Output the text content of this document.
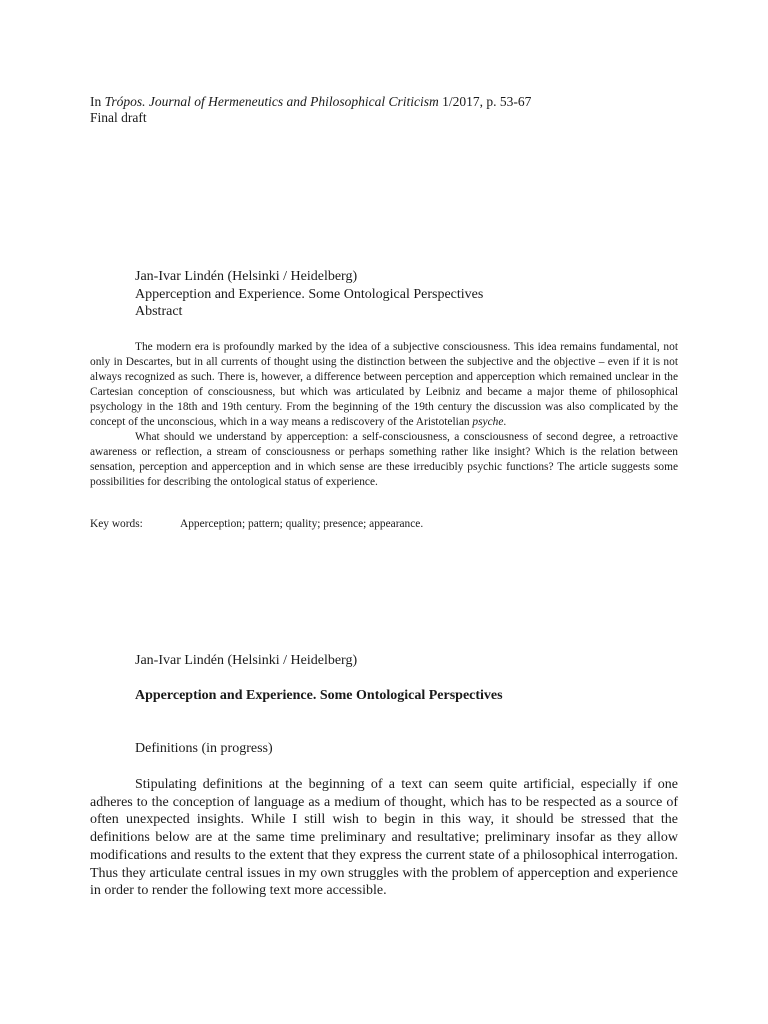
In Trópos. Journal of Hermeneutics and Philosophical Criticism 1/2017, p. 53-67
Final draft
Jan-Ivar Lindén (Helsinki / Heidelberg)
Apperception and Experience. Some Ontological Perspectives
Abstract

The modern era is profoundly marked by the idea of a subjective consciousness. This idea remains fundamental, not only in Descartes, but in all currents of thought using the distinction between the subjective and the objective – even if it is not always recognized as such. There is, however, a difference between perception and apperception which remained unclear in the Cartesian conception of consciousness, but which was articulated by Leibniz and became a major theme of philosophical psychology in the 18th and 19th century. From the beginning of the 19th century the discussion was also complicated by the concept of the unconscious, which in a way means a rediscovery of the Aristotelian psyche.

What should we understand by apperception: a self-consciousness, a consciousness of second degree, a retroactive awareness or reflection, a stream of consciousness or perhaps something rather like insight? Which is the relation between sensation, perception and apperception and in which sense are these irreducibly psychic functions? The article suggests some possibilities for describing the ontological status of experience.

Key words:	Apperception; pattern; quality; presence; appearance.
Jan-Ivar Lindén (Helsinki / Heidelberg)
Apperception and Experience. Some Ontological Perspectives
Definitions (in progress)

Stipulating definitions at the beginning of a text can seem quite artificial, especially if one adheres to the conception of language as a medium of thought, which has to be respected as a source of often unexpected insights. While I still wish to begin in this way, it should be stressed that the definitions below are at the same time preliminary and resultative; preliminary insofar as they allow modifications and results to the extent that they express the current state of a philosophical interrogation. Thus they articulate central issues in my own struggles with the problem of apperception and experience in order to render the following text more accessible.
